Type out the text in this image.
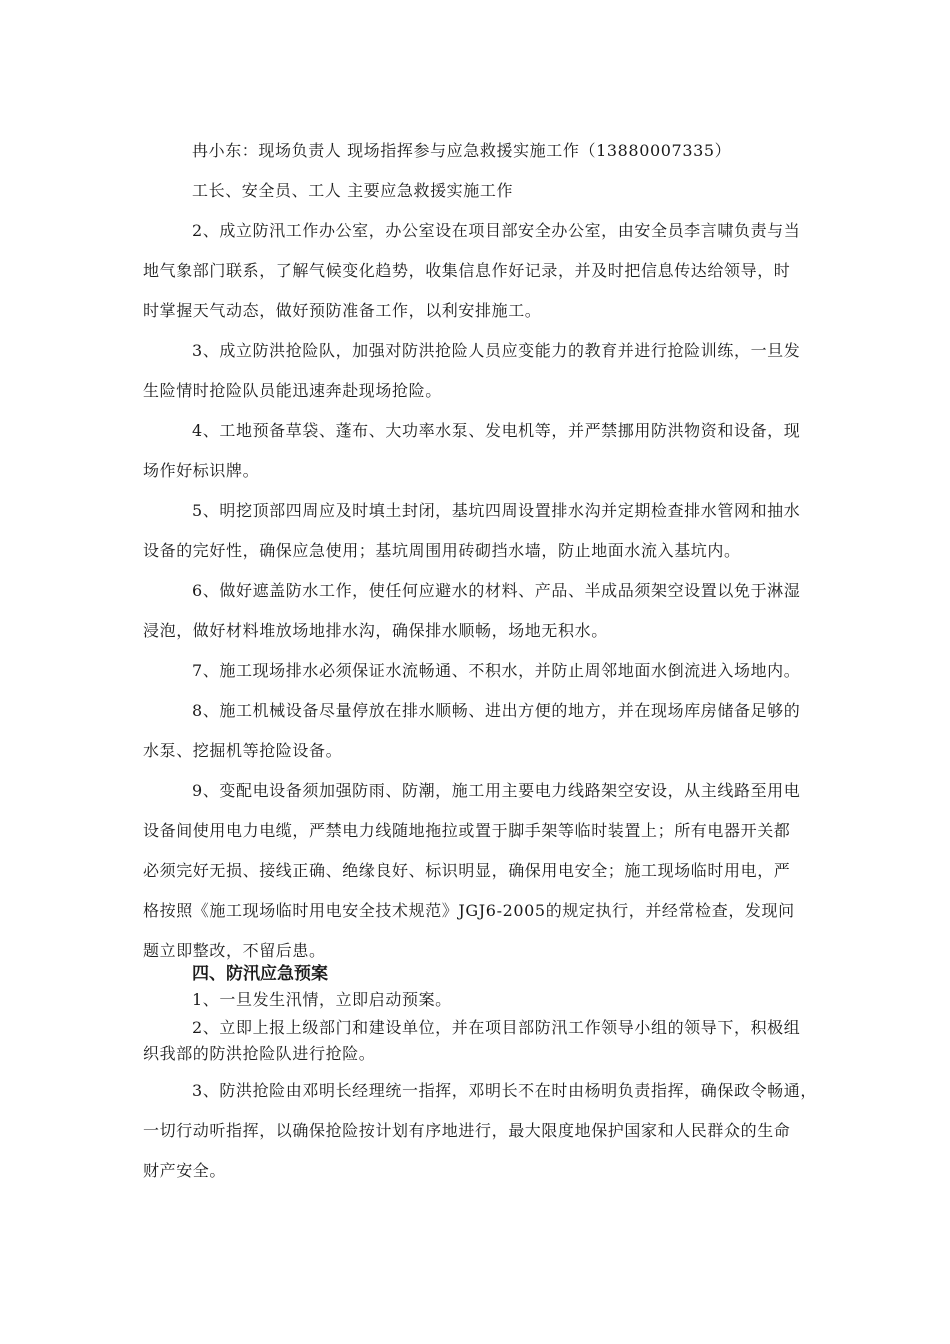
冉小东：现场负责人 现场指挥参与应急救援实施工作（13880007335）
工长、安全员、工人 主要应急救援实施工作
2、成立防汛工作办公室，办公室设在项目部安全办公室，由安全员李言啸负责与当
地气象部门联系，了解气候变化趋势，收集信息作好记录，并及时把信息传达给领导，时
时掌握天气动态，做好预防准备工作，以利安排施工。
3、成立防洪抢险队，加强对防洪抢险人员应变能力的教育并进行抢险训练，一旦发
生险情时抢险队员能迅速奔赴现场抢险。
4、工地预备草袋、蓬布、大功率水泵、发电机等，并严禁挪用防洪物资和设备，现
场作好标识牌。
5、明挖顶部四周应及时填土封闭，基坑四周设置排水沟并定期检查排水管网和抽水
设备的完好性，确保应急使用；基坑周围用砖砌挡水墙，防止地面水流入基坑内。
6、做好遮盖防水工作，使任何应避水的材料、产品、半成品须架空设置以免于淋湿
浸泡，做好材料堆放场地排水沟，确保排水顺畅，场地无积水。
7、施工现场排水必须保证水流畅通、不积水，并防止周邻地面水倒流进入场地内。
8、施工机械设备尽量停放在排水顺畅、进出方便的地方，并在现场库房储备足够的
水泵、挖掘机等抢险设备。
9、变配电设备须加强防雨、防潮，施工用主要电力线路架空安设，从主线路至用电
设备间使用电力电缆，严禁电力线随地拖拉或置于脚手架等临时装置上；所有电器开关都
必须完好无损、接线正确、绝缘良好、标识明显，确保用电安全；施工现场临时用电，严
格按照《施工现场临时用电安全技术规范》JGJ6-2005的规定执行，并经常检查，发现问
题立即整改，不留后患。
四、防汛应急预案
1、一旦发生汛情，立即启动预案。
2、立即上报上级部门和建设单位，并在项目部防汛工作领导小组的领导下，积极组
织我部的防洪抢险队进行抢险。
3、防洪抢险由邓明长经理统一指挥，邓明长不在时由杨明负责指挥，确保政令畅通，
一切行动听指挥，以确保抢险按计划有序地进行，最大限度地保护国家和人民群众的生命
财产安全。
